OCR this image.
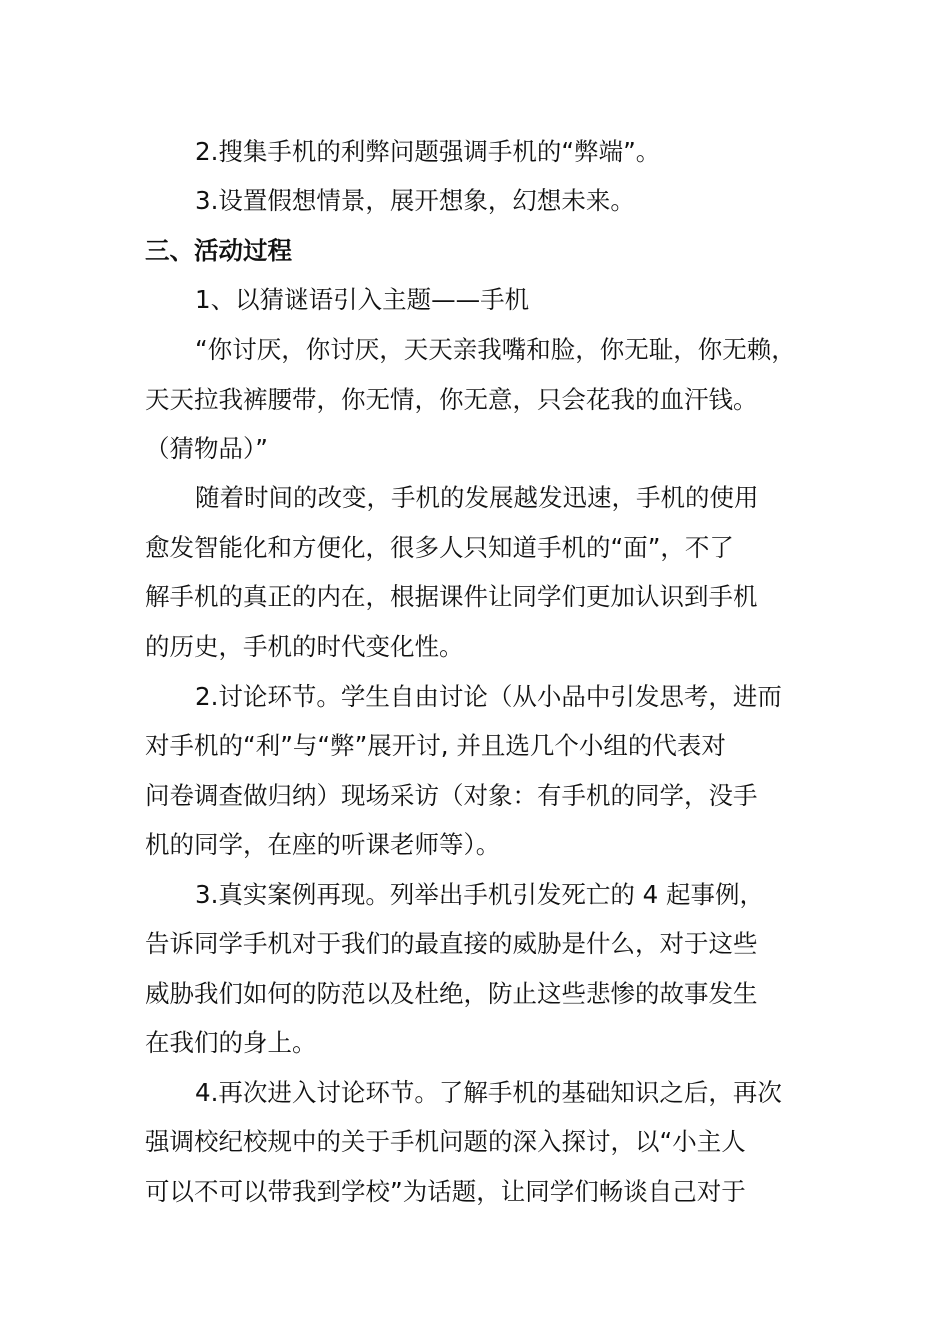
2.搜集手机的利弊问题强调手机的“弊端”。
3.设置假想情景，展开想象，幻想未来。
三、活动过程
1、以猜谜语引入主题——手机
“你讨厌，你讨厌，天天亲我嘴和脸，你无耻，你无赖，
天天拉我裤腰带，你无情，你无意，只会花我的血汗钱。
（猜物品）”
随着时间的改变，手机的发展越发迅速，手机的使用
愈发智能化和方便化，很多人只知道手机的“面”，不了
解手机的真正的内在，根据课件让同学们更加认识到手机
的历史，手机的时代变化性。
2.讨论环节。学生自由讨论（从小品中引发思考，进而
对手机的“利”与“弊”展开讨, 并且选几个小组的代表对
问卷调查做归纳）现场采访（对象：有手机的同学，没手
机的同学，在座的听课老师等）。
3.真实案例再现。列举出手机引发死亡的 4 起事例，
告诉同学手机对于我们的最直接的威胁是什么，对于这些
威胁我们如何的防范以及杜绝，防止这些悲惨的故事发生
在我们的身上。
4.再次进入讨论环节。了解手机的基础知识之后，再次
强调校纪校规中的关于手机问题的深入探讨，以“小主人
可以不可以带我到学校”为话题，让同学们畅谈自己对于
